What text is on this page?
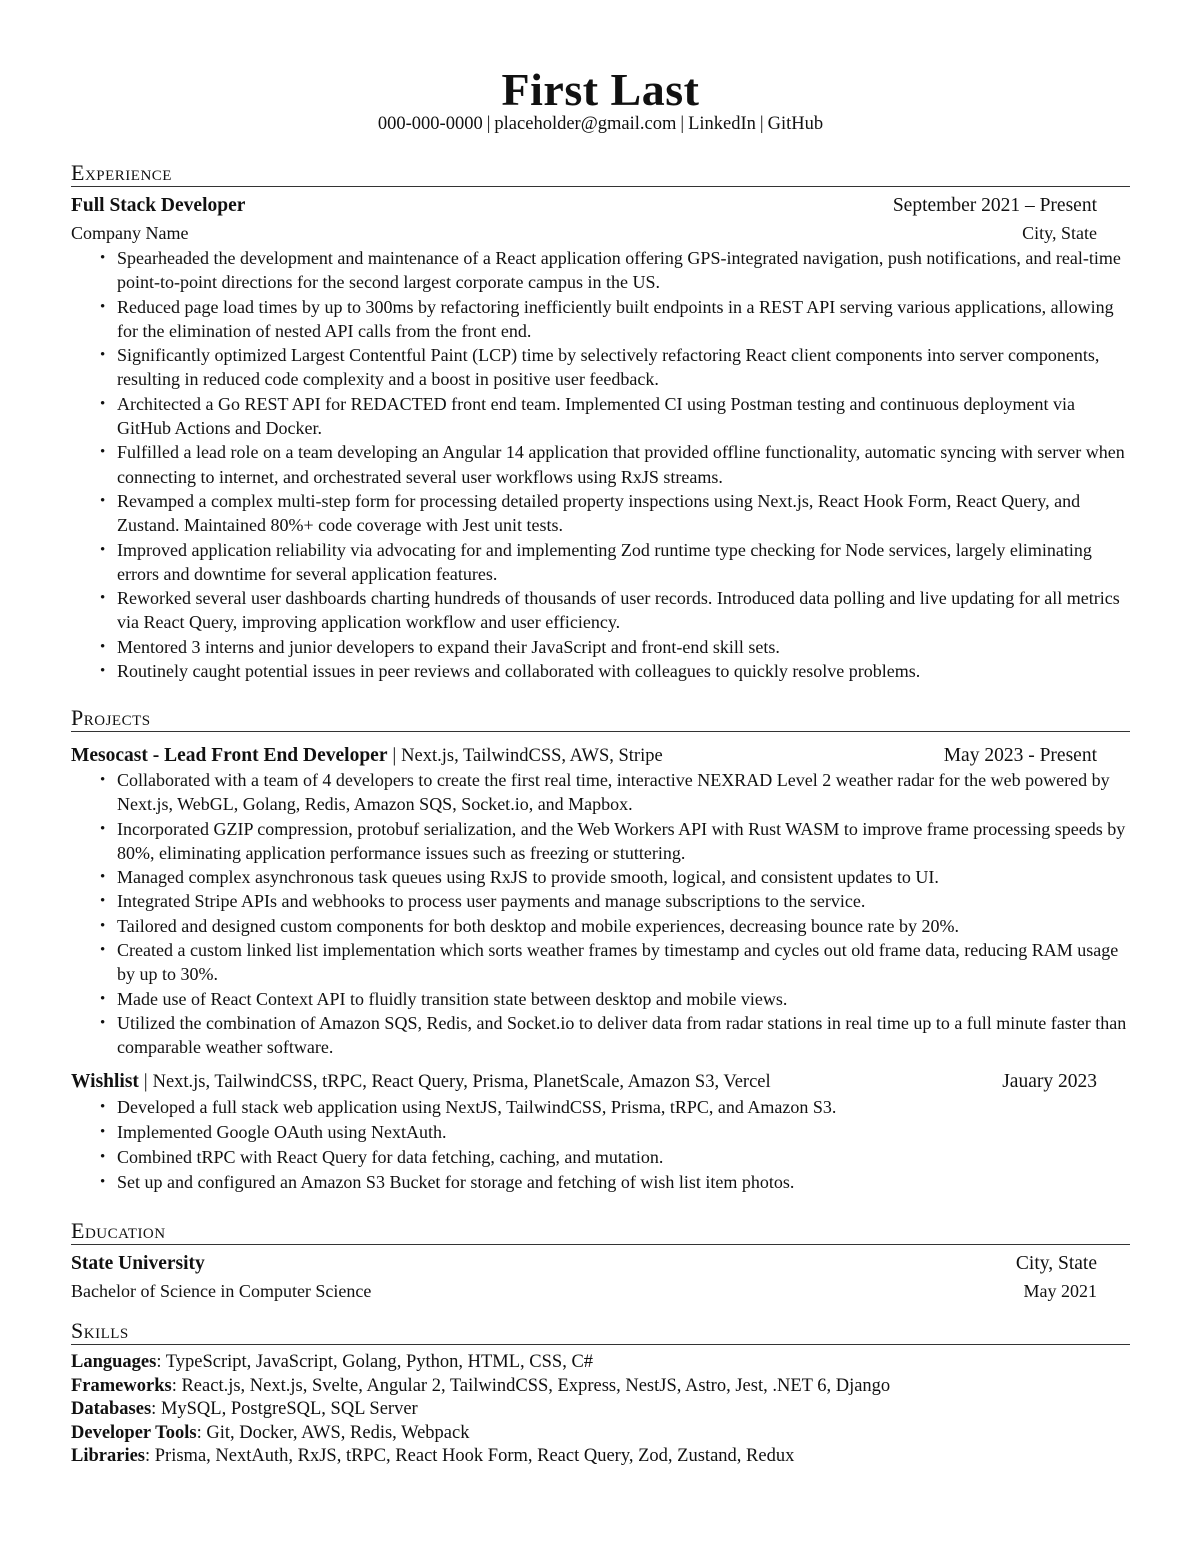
First Last
000-000-0000 | placeholder@gmail.com | LinkedIn | GitHub
Experience
Full Stack Developer	September 2021 – Present
Company Name	City, State
• Spearheaded the development and maintenance of a React application offering GPS-integrated navigation, push notifications, and real-time point-to-point directions for the second largest corporate campus in the US.
• Reduced page load times by up to 300ms by refactoring inefficiently built endpoints in a REST API serving various applications, allowing for the elimination of nested API calls from the front end.
• Significantly optimized Largest Contentful Paint (LCP) time by selectively refactoring React client components into server components, resulting in reduced code complexity and a boost in positive user feedback.
• Architected a Go REST API for REDACTED front end team. Implemented CI using Postman testing and continuous deployment via GitHub Actions and Docker.
• Fulfilled a lead role on a team developing an Angular 14 application that provided offline functionality, automatic syncing with server when connecting to internet, and orchestrated several user workflows using RxJS streams.
• Revamped a complex multi-step form for processing detailed property inspections using Next.js, React Hook Form, React Query, and Zustand. Maintained 80%+ code coverage with Jest unit tests.
• Improved application reliability via advocating for and implementing Zod runtime type checking for Node services, largely eliminating errors and downtime for several application features.
• Reworked several user dashboards charting hundreds of thousands of user records. Introduced data polling and live updating for all metrics via React Query, improving application workflow and user efficiency.
• Mentored 3 interns and junior developers to expand their JavaScript and front-end skill sets.
• Routinely caught potential issues in peer reviews and collaborated with colleagues to quickly resolve problems.
Projects
Mesocast - Lead Front End Developer | Next.js, TailwindCSS, AWS, Stripe	May 2023 - Present
• Collaborated with a team of 4 developers to create the first real time, interactive NEXRAD Level 2 weather radar for the web powered by Next.js, WebGL, Golang, Redis, Amazon SQS, Socket.io, and Mapbox.
• Incorporated GZIP compression, protobuf serialization, and the Web Workers API with Rust WASM to improve frame processing speeds by 80%, eliminating application performance issues such as freezing or stuttering.
• Managed complex asynchronous task queues using RxJS to provide smooth, logical, and consistent updates to UI.
• Integrated Stripe APIs and webhooks to process user payments and manage subscriptions to the service.
• Tailored and designed custom components for both desktop and mobile experiences, decreasing bounce rate by 20%.
• Created a custom linked list implementation which sorts weather frames by timestamp and cycles out old frame data, reducing RAM usage by up to 30%.
• Made use of React Context API to fluidly transition state between desktop and mobile views.
• Utilized the combination of Amazon SQS, Redis, and Socket.io to deliver data from radar stations in real time up to a full minute faster than comparable weather software.
Wishlist | Next.js, TailwindCSS, tRPC, React Query, Prisma, PlanetScale, Amazon S3, Vercel	Jauary 2023
• Developed a full stack web application using NextJS, TailwindCSS, Prisma, tRPC, and Amazon S3.
• Implemented Google OAuth using NextAuth.
• Combined tRPC with React Query for data fetching, caching, and mutation.
• Set up and configured an Amazon S3 Bucket for storage and fetching of wish list item photos.
Education
State University	City, State
Bachelor of Science in Computer Science	May 2021
Skills
Languages: TypeScript, JavaScript, Golang, Python, HTML, CSS, C#
Frameworks: React.js, Next.js, Svelte, Angular 2, TailwindCSS, Express, NestJS, Astro, Jest, .NET 6, Django
Databases: MySQL, PostgreSQL, SQL Server
Developer Tools: Git, Docker, AWS, Redis, Webpack
Libraries: Prisma, NextAuth, RxJS, tRPC, React Hook Form, React Query, Zod, Zustand, Redux
